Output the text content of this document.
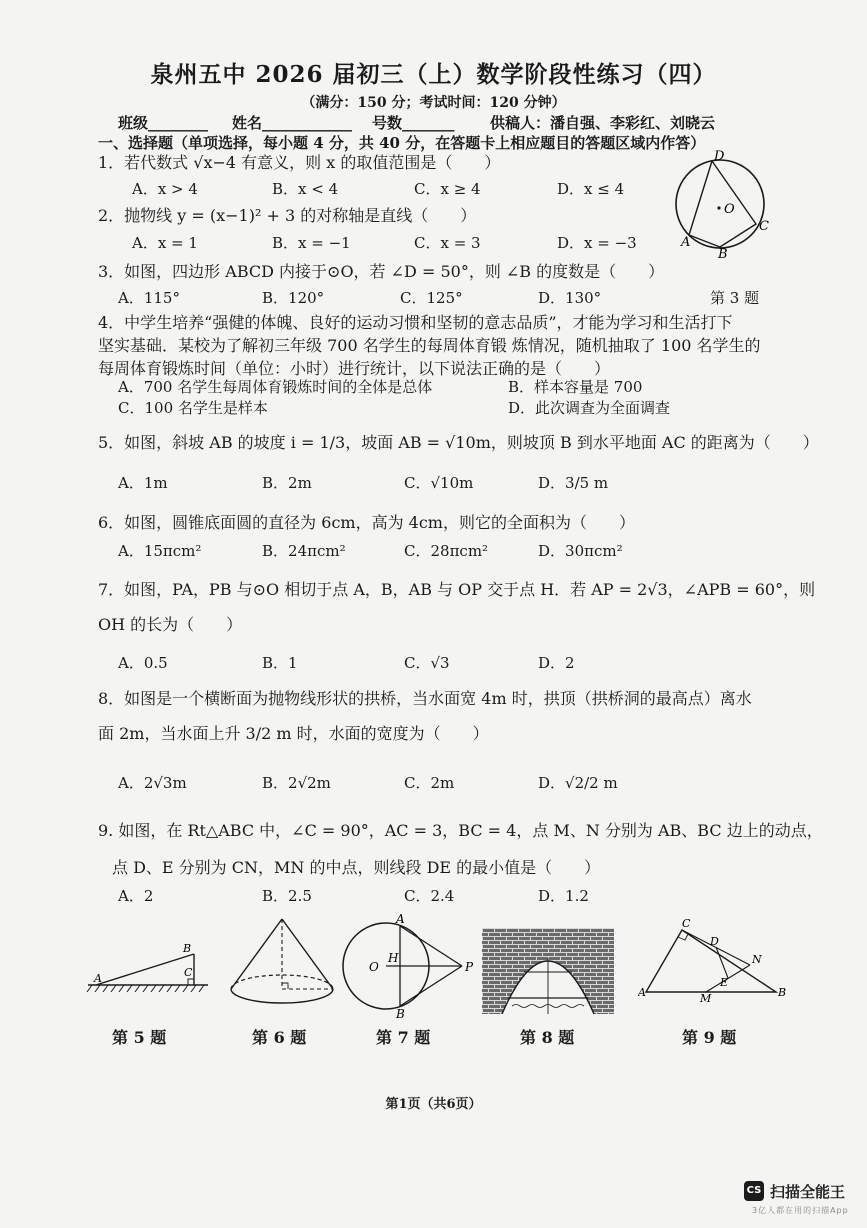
泉州五中 2026 届初三（上）数学阶段性练习（四）
（满分：150 分；考试时间：120 分钟）
班级________ 姓名____________ 号数_______ 供稿人：潘自强、李彩红、刘晓云
一、选择题（单项选择，每小题 4 分，共 40 分，在答题卡上相应题目的答题区域内作答）
1．若代数式 √x−4 有意义，则 x 的取值范围是（　　）
A．x > 4	B．x < 4	C．x ≥ 4	D．x ≤ 4
2．抛物线 y = (x−1)² + 3 的对称轴是直线（　　）
A．x = 1	B．x = −1	C．x = 3	D．x = −3
D
O
A
B
C
3．如图，四边形 ABCD 内接于⊙O，若 ∠D = 50°，则 ∠B 的度数是（　　）
A．115°	B．120°	C．125°	D．130°	第 3 题
4．中学生培养“强健的体魄、良好的运动习惯和坚韧的意志品质”，才能为学习和生活打下
坚实基础．某校为了解初三年级 700 名学生的每周体育锻 炼情况，随机抽取了 100 名学生的
每周体育锻炼时间（单位：小时）进行统计，以下说法正确的是（　　）
A．700 名学生每周体育锻炼时间的全体是总体	B．样本容量是 700
C．100 名学生是样本	D．此次调查为全面调查
5．如图，斜坡 AB 的坡度 i = 1/3，坡面 AB = √10m，则坡顶 B 到水平地面 AC 的距离为（　　）
A．1m	B．2m	C．√10m	D．3/5 m
6．如图，圆锥底面圆的直径为 6cm，高为 4cm，则它的全面积为（　　）
A．15πcm²	B．24πcm²	C．28πcm²	D．30πcm²
7．如图，PA，PB 与⊙O 相切于点 A，B，AB 与 OP 交于点 H．若 AP = 2√3，∠APB = 60°，则
OH 的长为（　　）
A．0.5	B．1	C．√3	D．2
8．如图是一个横断面为抛物线形状的拱桥，当水面宽 4m 时，拱顶（拱桥洞的最高点）离水
面 2m，当水面上升 3/2 m 时，水面的宽度为（　　）
A．2√3m	B．2√2m	C．2m	D．√2/2 m
9. 如图，在 Rt△ABC 中，∠C = 90°，AC = 3，BC = 4，点 M、N 分别为 AB、BC 边上的动点，
点 D、E 分别为 CN，MN 的中点，则线段 DE 的最小值是（　　）
A．2	B．2.5	C．2.4	D．1.2
A
B
C
第 5 题	第 6 题
A
O
H
P
B
第 7 题	第 8 题
C
D
N
E
A	M	B
第 9 题
第1页（共6页）
CS 扫描全能王
3亿人都在用的扫描App
